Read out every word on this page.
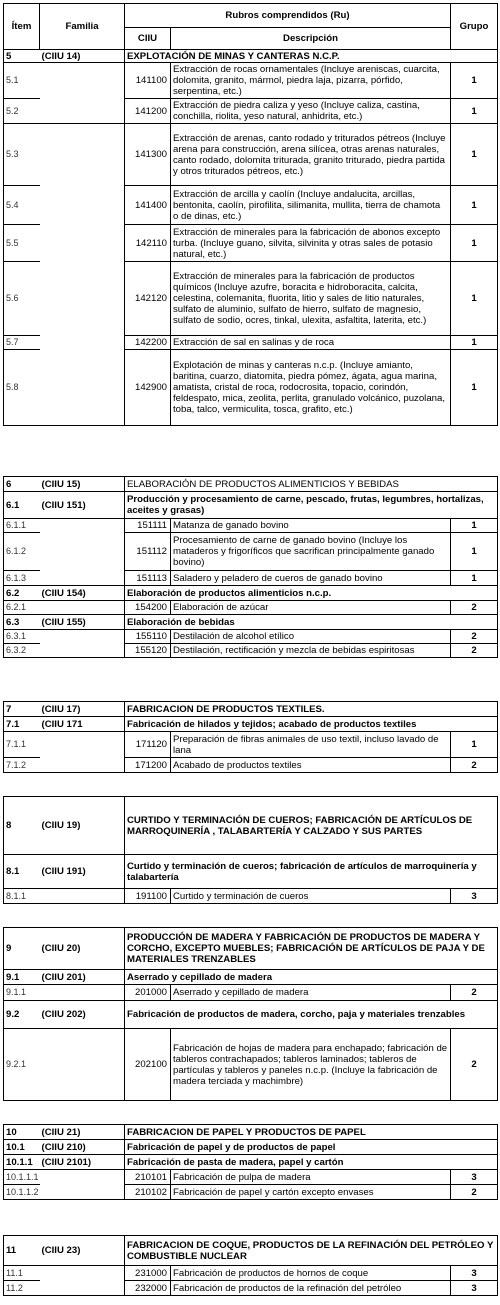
Ítem	Familia	Rubros comprendidos (Ru)		Grupo
		CIIU	Descripción	
5	(CIIU 14)	EXPLOTACIÓN DE MINAS Y CANTERAS N.C.P.		
5.1		141100	Extracción de rocas ornamentales (Incluye areniscas, cuarcita, dolomita, granito, mármol, piedra laja, pizarra, pórfido, serpentina, etc.)	1
5.2		141200	Extracción de piedra caliza y yeso (Incluye caliza, castina, conchilla, riolita, yeso natural, anhidrita, etc.)	1
5.3		141300	Extracción de arenas, canto rodado y triturados pétreos (Incluye arena para construcción, arena silícea, otras arenas naturales, canto rodado, dolomita triturada, granito triturado, piedra partida y otros triturados pétreos, etc.)	1
5.4		141400	Extracción de arcilla y caolín (Incluye andalucita, arcillas, bentonita, caolín, pirofilita, silimanita, mullita, tierra de chamota o de dinas, etc.)	1
5.5		142110	Extracción de minerales para la fabricación de abonos excepto turba. (Incluye guano, silvita, silvinita y otras sales de potasio natural, etc.)	1
5.6		142120	Extracción de minerales para la fabricación de productos químicos (Incluye azufre, boracita e hidroboracita, calcita, celestina, colemanita, fluorita, litio y sales de litio naturales, sulfato de aluminio, sulfato de hierro, sulfato de magnesio, sulfato de sodio, ocres, tinkal, ulexita, asfaltita, laterita, etc.)	1
5.7		142200	Extracción de sal en salinas y de roca	1
5.8		142900	Explotación de minas y canteras n.c.p. (Incluye amianto, baritina, cuarzo, diatomita, piedra pómez, ágata, agua marina, amatista, cristal de roca, rodocrosita, topacio, corindón, feldespato, mica, zeolita, perlita, granulado volcánico, puzolana, toba, talco, vermiculita, tosca, grafito, etc.)	1
6	(CIIU 15)	ELABORACIÓN DE PRODUCTOS ALIMENTICIOS Y BEBIDAS		
6.1	(CIIU 151)	Producción y procesamiento de carne, pescado, frutas, legumbres, hortalizas, aceites y grasas)		
6.1.1		151111	Matanza de ganado bovino	1
6.1.2		151112	Procesamiento de carne de ganado bovino (Incluye los mataderos y frigoríficos que sacrifican principalmente ganado bovino)	1
6.1.3		151113	Saladero y peladero de cueros de ganado bovino	1
6.2	(CIIU 154)	Elaboración de productos alimenticios n.c.p.		
6.2.1		154200	Elaboración de azúcar	2
6.3	(CIIU 155)	Elaboración de bebidas		
6.3.1		155110	Destilación de alcohol etílico	2
6.3.2		155120	Destilación, rectificación y mezcla de bebidas espiritosas	2
7	(CIIU 17)	FABRICACION DE PRODUCTOS TEXTILES.		
7.1	(CIIU 171	Fabricación de hilados y tejidos; acabado de productos textiles		
7.1.1		171120	Preparación de fibras animales de uso textil, incluso lavado de lana	1
7.1.2		171200	Acabado de productos textiles	2
8	(CIIU 19)	CURTIDO Y TERMINACIÓN DE CUEROS; FABRICACIÓN DE ARTÍCULOS DE MARROQUINERÍA , TALABARTERÍA Y CALZADO Y SUS PARTES		
8.1	(CIIU 191)	Curtido y terminación de cueros; fabricación de artículos de marroquinería y talabartería		
8.1.1		191100	Curtido y terminación de cueros	3
9	(CIIU 20)	PRODUCCIÓN DE MADERA Y FABRICACIÓN DE PRODUCTOS DE MADERA Y CORCHO, EXCEPTO MUEBLES; FABRICACIÓN DE ARTÍCULOS DE PAJA Y DE MATERIALES TRENZABLES		
9.1	(CIIU 201)	Aserrado y cepillado de madera		
9.1.1		201000	Aserrado y cepillado de madera	2
9.2	(CIIU 202)	Fabricación de productos de madera, corcho, paja y materiales trenzables		
9.2.1		202100	Fabricación de hojas de madera para enchapado; fabricación de tableros contrachapados; tableros laminados; tableros de partículas y tableros y paneles n.c.p. (Incluye la fabricación de madera terciada y machimbre)	2
10	(CIIU 21)	FABRICACION DE PAPEL Y PRODUCTOS DE PAPEL		
10.1	(CIIU 210)	Fabricación de papel y de productos de papel		
10.1.1	(CIIU 2101)	Fabricación de pasta de madera, papel y cartón		
10.1.1.1		210101	Fabricación de pulpa de madera	3
10.1.1.2		210102	Fabricación de papel y cartón excepto envases	2
11	(CIIU 23)	FABRICACION DE COQUE, PRODUCTOS DE LA REFINACIÓN DEL PETRÓLEO Y COMBUSTIBLE NUCLEAR		
11.1		231000	Fabricación de productos de hornos de coque	3
11.2		232000	Fabricación de productos de la refinación del petróleo	3
